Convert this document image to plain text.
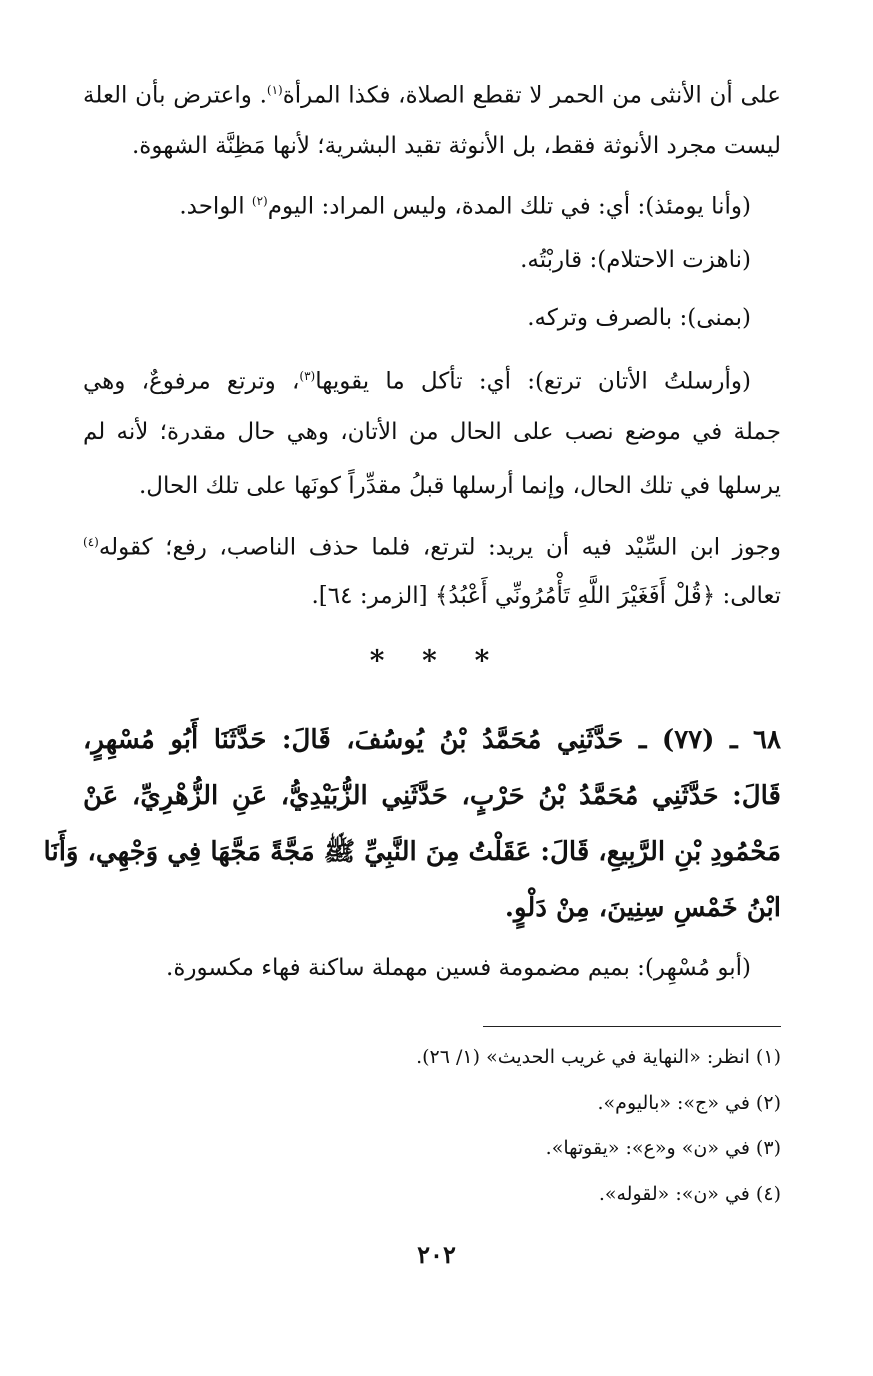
على أن الأنثى من الحمر لا تقطع الصلاة، فكذا المرأة$^{(١)}$. واعترض بأن العلة
ليست مجرد الأنوثة فقط، بل الأنوثة تقيد البشرية؛ لأنها مَظِنَّة الشهوة.
(وأنا يومئذ): أي: في تلك المدة، وليس المراد: اليوم$^{(٢)}$ الواحد.
(ناهزت الاحتلام): قاربْتُه.
(بمنى): بالصرف وتركه.
(وأرسلتُ الأتان ترتع): أي: تأكل ما يقويها$^{(٣)}$، وترتع مرفوعٌ، وهي
جملة في موضع نصب على الحال من الأتان، وهي حال مقدرة؛ لأنه لم
يرسلها في تلك الحال، وإنما أرسلها قبلُ مقدِّراً كونَها على تلك الحال.
وجوز ابن السِّيْد فيه أن يريد: لترتع، فلما حذف الناصب، رفع؛ كقوله$^{(٤)}$
تعالى: ﴿قُلْ أَفَغَيْرَ اللَّهِ تَأْمُرُونِّي أَعْبُدُ﴾ [الزمر: ٦٤].
* * *
٦٨ ـ (٧٧) ـ حَدَّثَنِي مُحَمَّدُ بْنُ يُوسُفَ، قَالَ: حَدَّثَنَا أَبُو مُسْهِرٍ،
قَالَ: حَدَّثَنِي مُحَمَّدُ بْنُ حَرْبٍ، حَدَّثَنِي الزُّبَيْدِيُّ، عَنِ الزُّهْرِيِّ، عَنْ
مَحْمُودِ بْنِ الرَّبِيعِ، قَالَ: عَقَلْتُ مِنَ النَّبِيِّ ﷺ مَجَّةً مَجَّهَا فِي وَجْهِي، وَأَنَا
ابْنُ خَمْسِ سِنِينَ، مِنْ دَلْوٍ.
(أبو مُسْهِر): بميم مضمومة فسين مهملة ساكنة فهاء مكسورة.
(١) انظر: «النهاية في غريب الحديث» (١/ ٢٦).
(٢) في «ج»: «باليوم».
(٣) في «ن» و«ع»: «يقوتها».
(٤) في «ن»: «لقوله».
٢٠٢
